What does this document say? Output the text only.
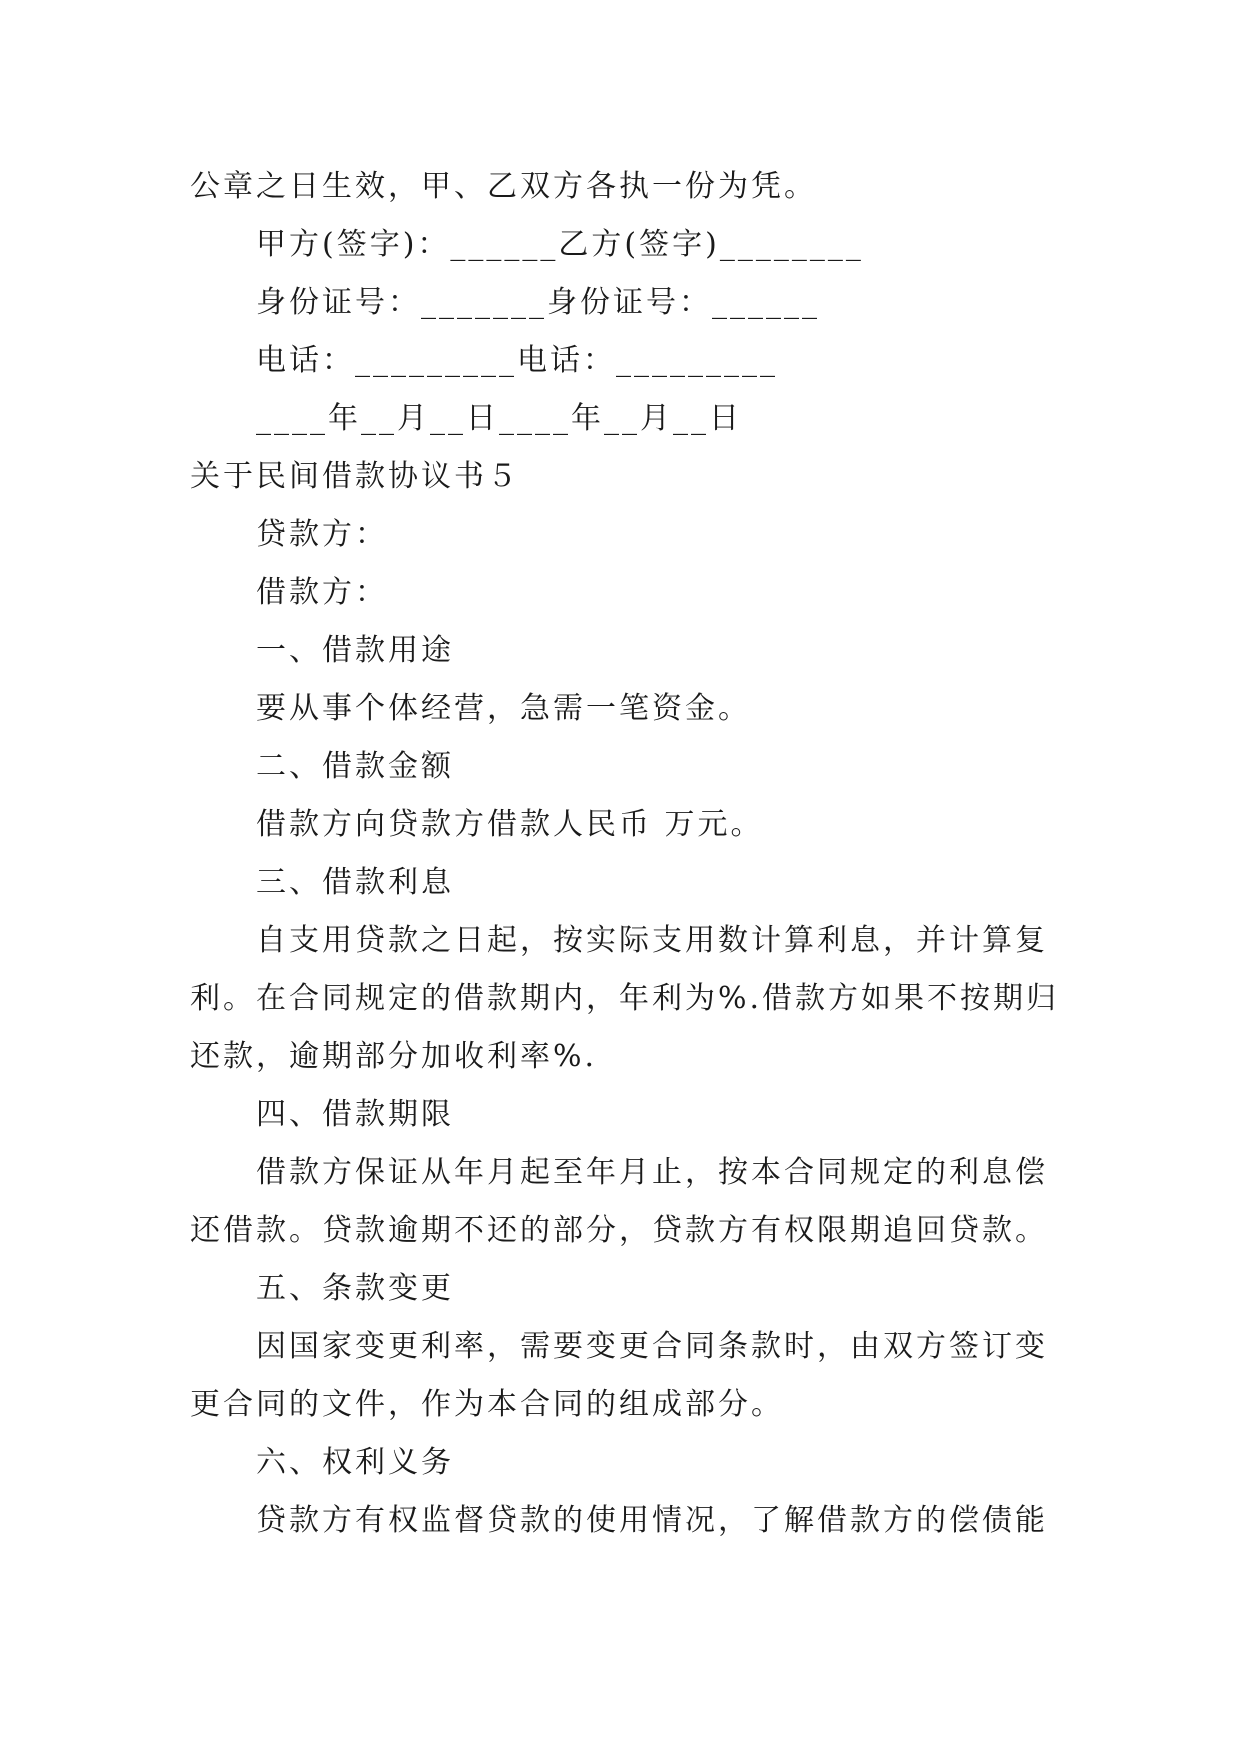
公章之日生效，甲、乙双方各执一份为凭。
甲方(签字)：______乙方(签字)________
身份证号：_______身份证号：______
电话：_________电话：_________
____年__月__日____年__月__日
关于民间借款协议书５
贷款方：
借款方：
一、借款用途
要从事个体经营，急需一笔资金。
二、借款金额
借款方向贷款方借款人民币 万元。
三、借款利息
自支用贷款之日起，按实际支用数计算利息，并计算复
利。在合同规定的借款期内，年利为%.借款方如果不按期归
还款，逾期部分加收利率%.
四、借款期限
借款方保证从年月起至年月止，按本合同规定的利息偿
还借款。贷款逾期不还的部分，贷款方有权限期追回贷款。
五、条款变更
因国家变更利率，需要变更合同条款时，由双方签订变
更合同的文件，作为本合同的组成部分。
六、权利义务
贷款方有权监督贷款的使用情况，了解借款方的偿债能
